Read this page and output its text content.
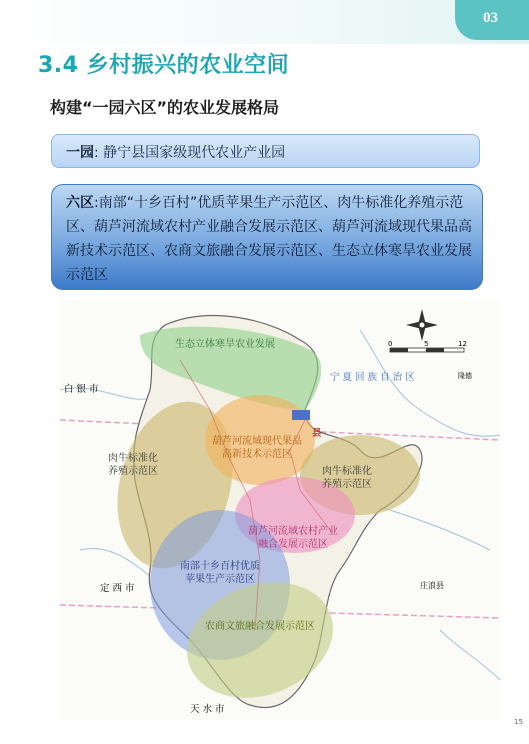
03
3.4 乡村振兴的农业空间
构建“一园六区”的农业发展格局
一园: 静宁县国家级现代农业产业园
六区:南部“十乡百村”优质苹果生产示范区、肉牛标准化养殖示范区、葫芦河流域农村产业融合发展示范区、葫芦河流域现代果品高新技术示范区、农商文旅融合发展示范区、生态立体寒旱农业发展示范区
0	5	12
白 银 市
宁 夏 回 族 自 治 区	隆德
定 西 市	庄浪县
天 水 市
县
生态立体寒旱农业发展
肉牛标准化
养殖示范区
葫芦河流域现代果品
高新技术示范区
肉牛标准化
养殖示范区
葫芦河流域农村产业
融合发展示范区
南部十乡百村优质
苹果生产示范区
农商文旅融合发展示范区
15
